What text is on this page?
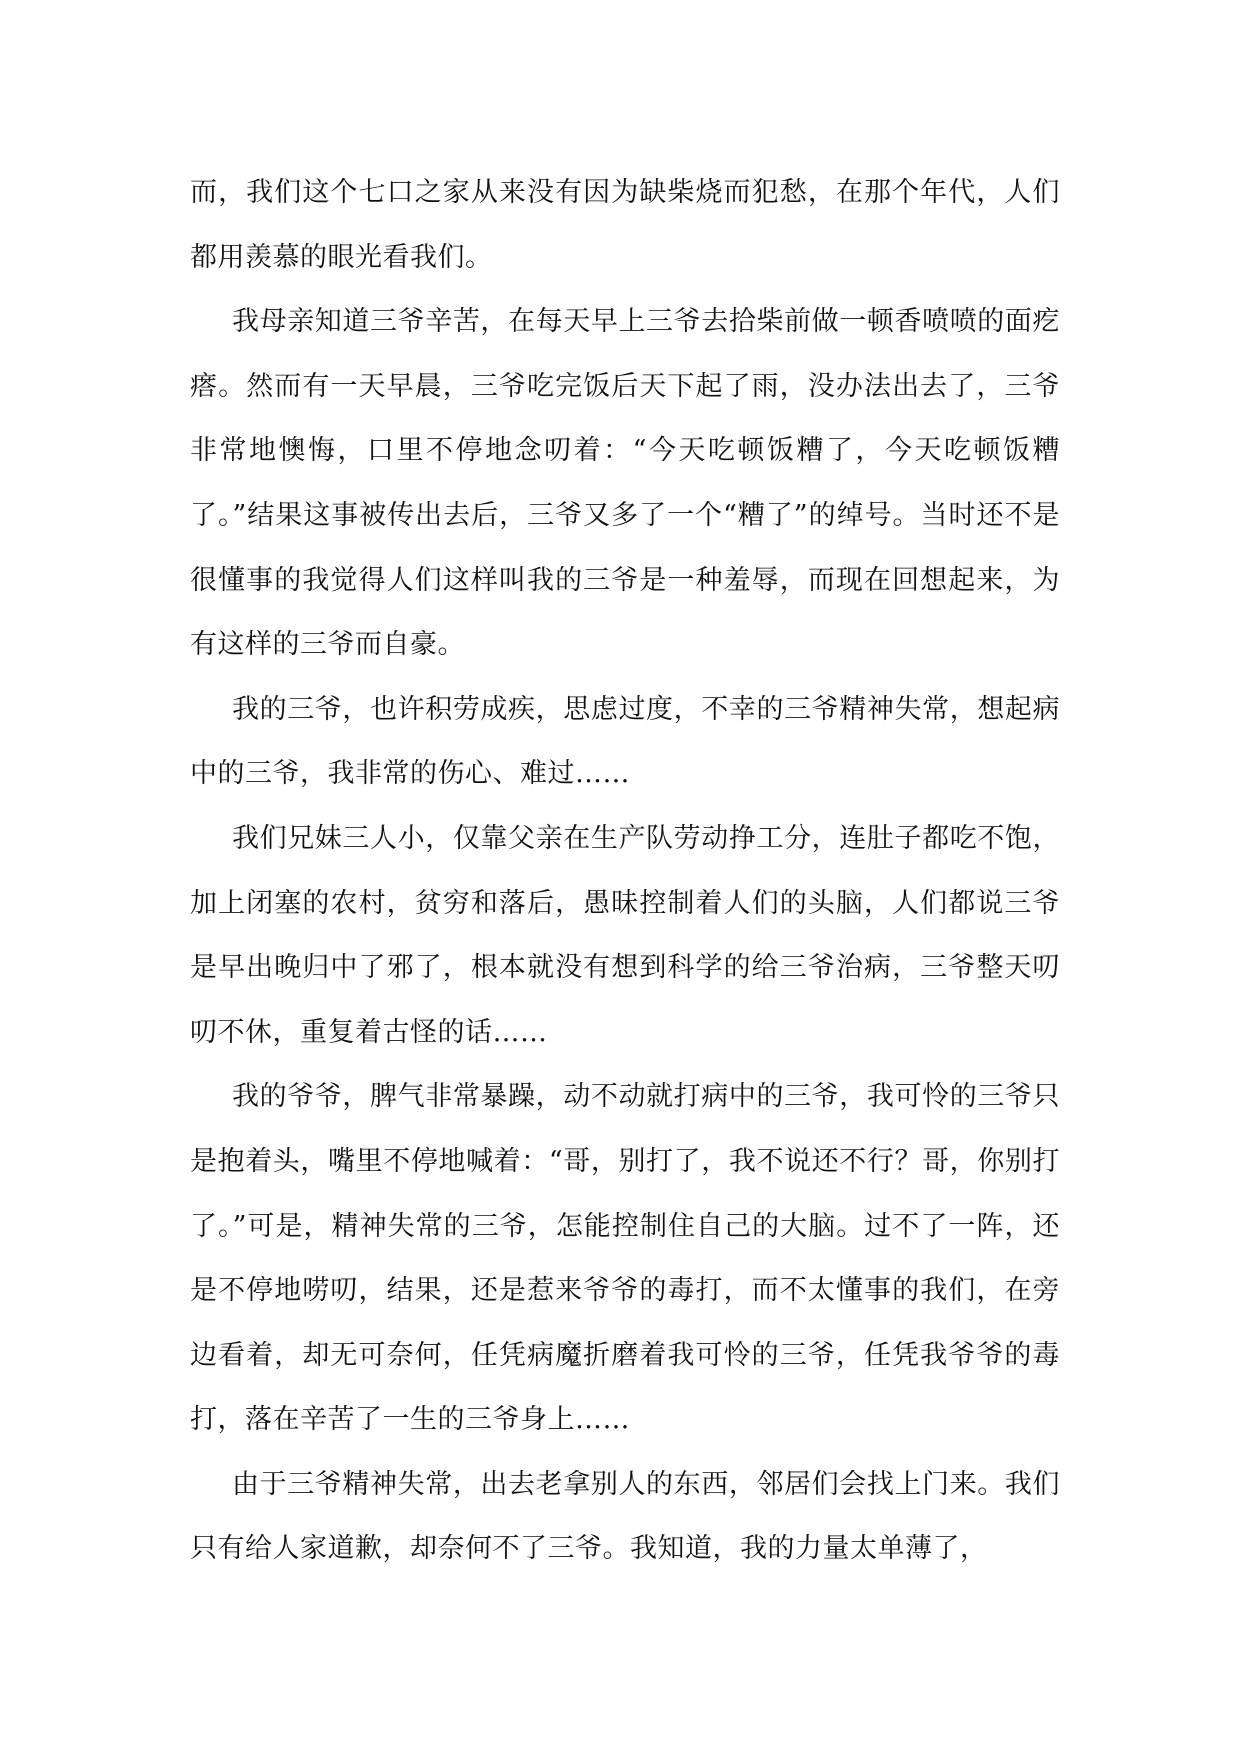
而，我们这个七口之家从来没有因为缺柴烧而犯愁，在那个年代，人们都用羡慕的眼光看我们。

我母亲知道三爷辛苦，在每天早上三爷去拾柴前做一顿香喷喷的面疙瘩。然而有一天早晨，三爷吃完饭后天下起了雨，没办法出去了，三爷非常地懊悔，口里不停地念叨着：“今天吃顿饭糟了，今天吃顿饭糟了。”结果这事被传出去后，三爷又多了一个“糟了”的绰号。当时还不是很懂事的我觉得人们这样叫我的三爷是一种羞辱，而现在回想起来，为有这样的三爷而自豪。

我的三爷，也许积劳成疾，思虑过度，不幸的三爷精神失常，想起病中的三爷，我非常的伤心、难过……

我们兄妹三人小，仅靠父亲在生产队劳动挣工分，连肚子都吃不饱，加上闭塞的农村，贫穷和落后，愚昧控制着人们的头脑，人们都说三爷是早出晚归中了邪了，根本就没有想到科学的给三爷治病，三爷整天叨叨不休，重复着古怪的话……

我的爷爷，脾气非常暴躁，动不动就打病中的三爷，我可怜的三爷只是抱着头，嘴里不停地喊着：“哥，别打了，我不说还不行？哥，你别打了。”可是，精神失常的三爷，怎能控制住自己的大脑。过不了一阵，还是不停地唠叨，结果，还是惹来爷爷的毒打，而不太懂事的我们，在旁边看着，却无可奈何，任凭病魔折磨着我可怜的三爷，任凭我爷爷的毒打，落在辛苦了一生的三爷身上……

由于三爷精神失常，出去老拿别人的东西，邻居们会找上门来。我们只有给人家道歉，却奈何不了三爷。我知道，我的力量太单薄了，
